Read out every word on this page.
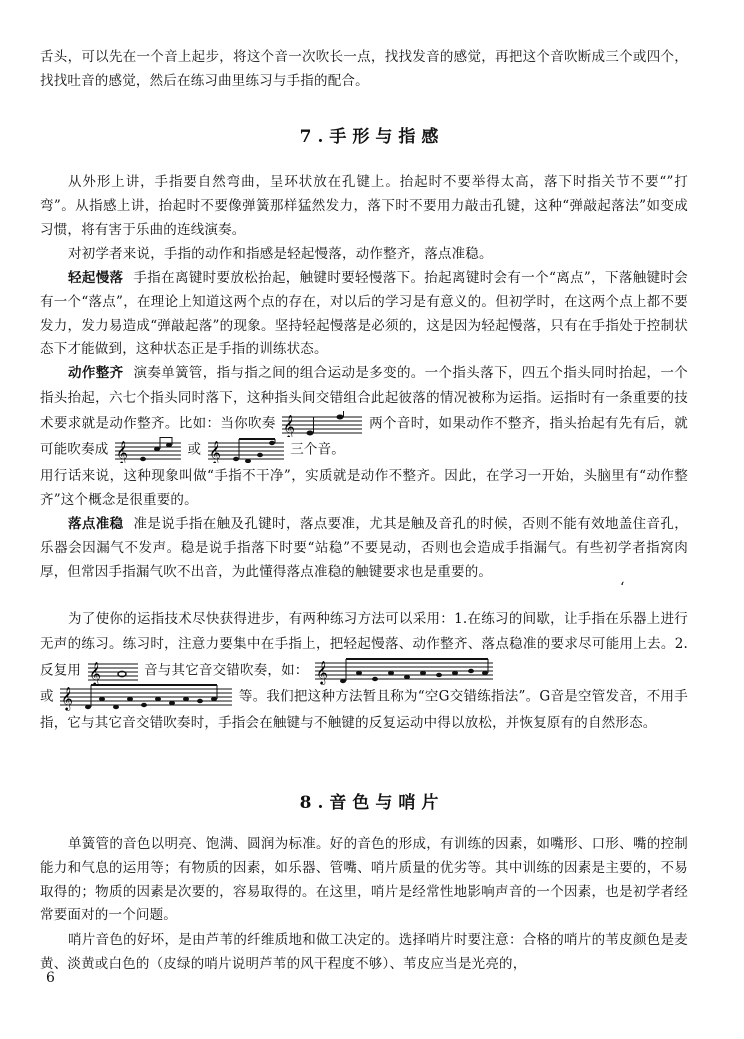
舌头，可以先在一个音上起步，将这个音一次吹长一点，找找发音的感觉，再把这个音吹断成三个或四个，找找吐音的感觉，然后在练习曲里练习与手指的配合。
7.手形与指感
从外形上讲，手指要自然弯曲，呈环状放在孔键上。抬起时不要举得太高，落下时指关节不要“”打弯”。从指感上讲，抬起时不要像弹簧那样猛然发力，落下时不要用力敲击孔键，这种“弹敲起落法”如变成习惯，将有害于乐曲的连线演奏。
对初学者来说，手指的动作和指感是轻起慢落，动作整齐，落点准稳。
轻起慢落 手指在离键时要放松抬起，触键时要轻慢落下。抬起离键时会有一个“离点”，下落触键时会有一个“落点”，在理论上知道这两个点的存在，对以后的学习是有意义的。但初学时，在这两个点上都不要发力，发力易造成“弹敲起落”的现象。坚持轻起慢落是必须的，这是因为轻起慢落，只有在手指处于控制状态下才能做到，这种状态正是手指的训练状态。
动作整齐 演奏单簧管，指与指之间的组合运动是多变的。一个指头落下，四五个指头同时抬起，一个指头抬起，六七个指头同时落下，这种指头间交错组合此起彼落的情况被称为运指。运指时有一条重要的技术要求就是动作整齐。比如：当你吹奏 𝄞	两个音时，如果动作不整齐，指头抬起有先有后，就可能吹奏成 𝄞	或 𝄞	三个音。
用行话来说，这种现象叫做“手指不干净”，实质就是动作不整齐。因此，在学习一开始，头脑里有“动作整齐”这个概念是很重要的。
落点准稳 准是说手指在触及孔键时，落点要准，尤其是触及音孔的时候，否则不能有效地盖住音孔，乐器会因漏气不发声。稳是说手指落下时要“站稳”不要晃动，否则也会造成手指漏气。有些初学者指窝肉厚，但常因手指漏气吹不出音，为此懂得落点准稳的触键要求也是重要的。
ʻ
为了使你的运指技术尽快获得进步，有两种练习方法可以采用：1.在练习的间歇，让手指在乐器上进行无声的练习。练习时，注意力要集中在手指上，把轻起慢落、动作整齐、落点稳准的要求尽可能用上去。2.反复用 𝄞	音与其它音交错吹奏，如： 𝄞
或 𝄞	等。我们把这种方法暂且称为“空G交错练指法”。G音是空管发音，不用手指，它与其它音交错吹奏时，手指会在触键与不触键的反复运动中得以放松，并恢复原有的自然形态。
8.音色与哨片
单簧管的音色以明亮、饱满、圆润为标准。好的音色的形成，有训练的因素，如嘴形、口形、嘴的控制能力和气息的运用等；有物质的因素，如乐器、管嘴、哨片质量的优劣等。其中训练的因素是主要的，不易取得的；物质的因素是次要的，容易取得的。在这里，哨片是经常性地影响声音的一个因素，也是初学者经常要面对的一个问题。
哨片音色的好坏，是由芦苇的纤维质地和做工决定的。选择哨片时要注意：合格的哨片的苇皮颜色是麦黄、淡黄或白色的（皮绿的哨片说明芦苇的风干程度不够）、苇皮应当是光亮的，
6
